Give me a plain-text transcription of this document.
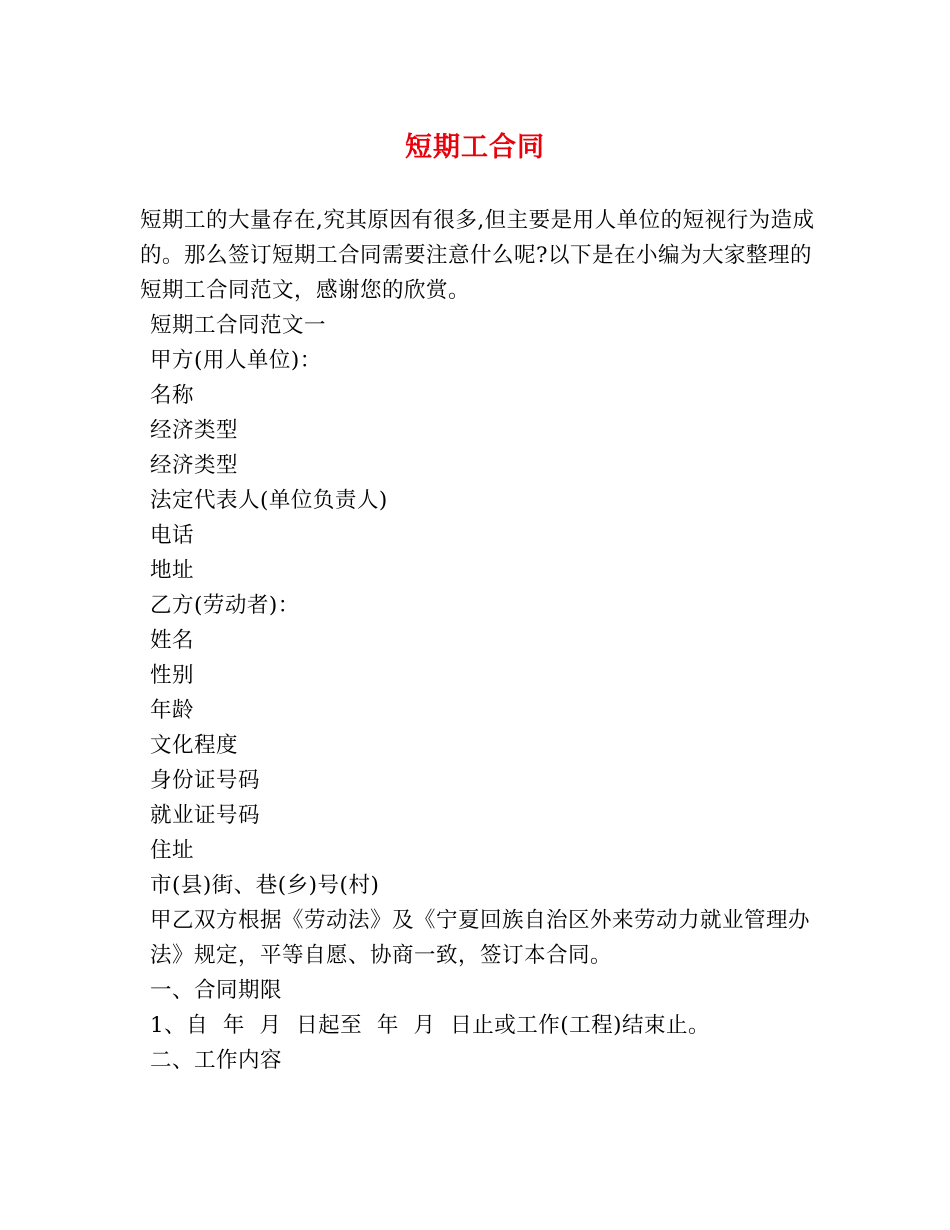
短期工合同

短期工的大量存在,究其原因有很多,但主要是用人单位的短视行为造成的。那么签订短期工合同需要注意什么呢?以下是在小编为大家整理的短期工合同范文，感谢您的欣赏。

短期工合同范文一

甲方(用人单位)：

名称

经济类型

经济类型

法定代表人(单位负责人)

电话

地址

乙方(劳动者)：

姓名

性别

年龄

文化程度

身份证号码

就业证号码

住址

市(县)街、巷(乡)号(村)

甲乙双方根据《劳动法》及《宁夏回族自治区外来劳动力就业管理办法》规定，平等自愿、协商一致，签订本合同。

一、合同期限

1、自  年  月  日起至  年  月  日止或工作(工程)结束止。

二、工作内容
